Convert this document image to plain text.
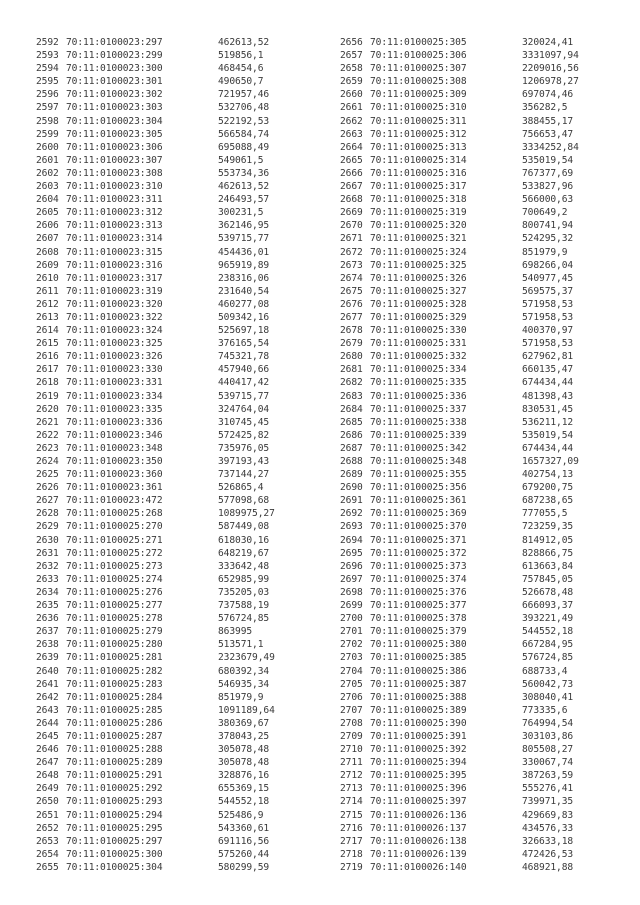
2592 70:11:0100023:297	462613,52
2593 70:11:0100023:299	519856,1
2594 70:11:0100023:300	468454,6
2595 70:11:0100023:301	490650,7
2596 70:11:0100023:302	721957,46
2597 70:11:0100023:303	532706,48
2598 70:11:0100023:304	522192,53
2599 70:11:0100023:305	566584,74
2600 70:11:0100023:306	695088,49
2601 70:11:0100023:307	549061,5
2602 70:11:0100023:308	553734,36
2603 70:11:0100023:310	462613,52
2604 70:11:0100023:311	246493,57
2605 70:11:0100023:312	300231,5
2606 70:11:0100023:313	362146,95
2607 70:11:0100023:314	539715,77
2608 70:11:0100023:315	454436,01
2609 70:11:0100023:316	965919,89
2610 70:11:0100023:317	238316,06
2611 70:11:0100023:319	231640,54
2612 70:11:0100023:320	460277,08
2613 70:11:0100023:322	509342,16
2614 70:11:0100023:324	525697,18
2615 70:11:0100023:325	376165,54
2616 70:11:0100023:326	745321,78
2617 70:11:0100023:330	457940,66
2618 70:11:0100023:331	440417,42
2619 70:11:0100023:334	539715,77
2620 70:11:0100023:335	324764,04
2621 70:11:0100023:336	310745,45
2622 70:11:0100023:346	572425,82
2623 70:11:0100023:348	735976,05
2624 70:11:0100023:350	397193,43
2625 70:11:0100023:360	737144,27
2626 70:11:0100023:361	526865,4
2627 70:11:0100023:472	577098,68
2628 70:11:0100025:268	1089975,27
2629 70:11:0100025:270	587449,08
2630 70:11:0100025:271	618030,16
2631 70:11:0100025:272	648219,67
2632 70:11:0100025:273	333642,48
2633 70:11:0100025:274	652985,99
2634 70:11:0100025:276	735205,03
2635 70:11:0100025:277	737588,19
2636 70:11:0100025:278	576724,85
2637 70:11:0100025:279	863995
2638 70:11:0100025:280	513571,1
2639 70:11:0100025:281	2323679,49
2640 70:11:0100025:282	680392,34
2641 70:11:0100025:283	546935,34
2642 70:11:0100025:284	851979,9
2643 70:11:0100025:285	1091189,64
2644 70:11:0100025:286	380369,67
2645 70:11:0100025:287	378043,25
2646 70:11:0100025:288	305078,48
2647 70:11:0100025:289	305078,48
2648 70:11:0100025:291	328876,16
2649 70:11:0100025:292	655369,15
2650 70:11:0100025:293	544552,18
2651 70:11:0100025:294	525486,9
2652 70:11:0100025:295	543360,61
2653 70:11:0100025:297	691116,56
2654 70:11:0100025:300	575260,44
2655 70:11:0100025:304	580299,59
2656 70:11:0100025:305	320024,41
2657 70:11:0100025:306	3331097,94
2658 70:11:0100025:307	2209016,56
2659 70:11:0100025:308	1206978,27
2660 70:11:0100025:309	697074,46
2661 70:11:0100025:310	356282,5
2662 70:11:0100025:311	388455,17
2663 70:11:0100025:312	756653,47
2664 70:11:0100025:313	3334252,84
2665 70:11:0100025:314	535019,54
2666 70:11:0100025:316	767377,69
2667 70:11:0100025:317	533827,96
2668 70:11:0100025:318	566000,63
2669 70:11:0100025:319	700649,2
2670 70:11:0100025:320	800741,94
2671 70:11:0100025:321	524295,32
2672 70:11:0100025:324	851979,9
2673 70:11:0100025:325	698266,04
2674 70:11:0100025:326	540977,45
2675 70:11:0100025:327	569575,37
2676 70:11:0100025:328	571958,53
2677 70:11:0100025:329	571958,53
2678 70:11:0100025:330	400370,97
2679 70:11:0100025:331	571958,53
2680 70:11:0100025:332	627962,81
2681 70:11:0100025:334	660135,47
2682 70:11:0100025:335	674434,44
2683 70:11:0100025:336	481398,43
2684 70:11:0100025:337	830531,45
2685 70:11:0100025:338	536211,12
2686 70:11:0100025:339	535019,54
2687 70:11:0100025:342	674434,44
2688 70:11:0100025:348	1657327,09
2689 70:11:0100025:355	402754,13
2690 70:11:0100025:356	679200,75
2691 70:11:0100025:361	687238,65
2692 70:11:0100025:369	777055,5
2693 70:11:0100025:370	723259,35
2694 70:11:0100025:371	814912,05
2695 70:11:0100025:372	828866,75
2696 70:11:0100025:373	613663,84
2697 70:11:0100025:374	757845,05
2698 70:11:0100025:376	526678,48
2699 70:11:0100025:377	666093,37
2700 70:11:0100025:378	393221,49
2701 70:11:0100025:379	544552,18
2702 70:11:0100025:380	667284,95
2703 70:11:0100025:385	576724,85
2704 70:11:0100025:386	688733,4
2705 70:11:0100025:387	560042,73
2706 70:11:0100025:388	308040,41
2707 70:11:0100025:389	773335,6
2708 70:11:0100025:390	764994,54
2709 70:11:0100025:391	303103,86
2710 70:11:0100025:392	805508,27
2711 70:11:0100025:394	330067,74
2712 70:11:0100025:395	387263,59
2713 70:11:0100025:396	555276,41
2714 70:11:0100025:397	739971,35
2715 70:11:0100026:136	429669,83
2716 70:11:0100026:137	434576,33
2717 70:11:0100026:138	326633,18
2718 70:11:0100026:139	472426,53
2719 70:11:0100026:140	468921,88
